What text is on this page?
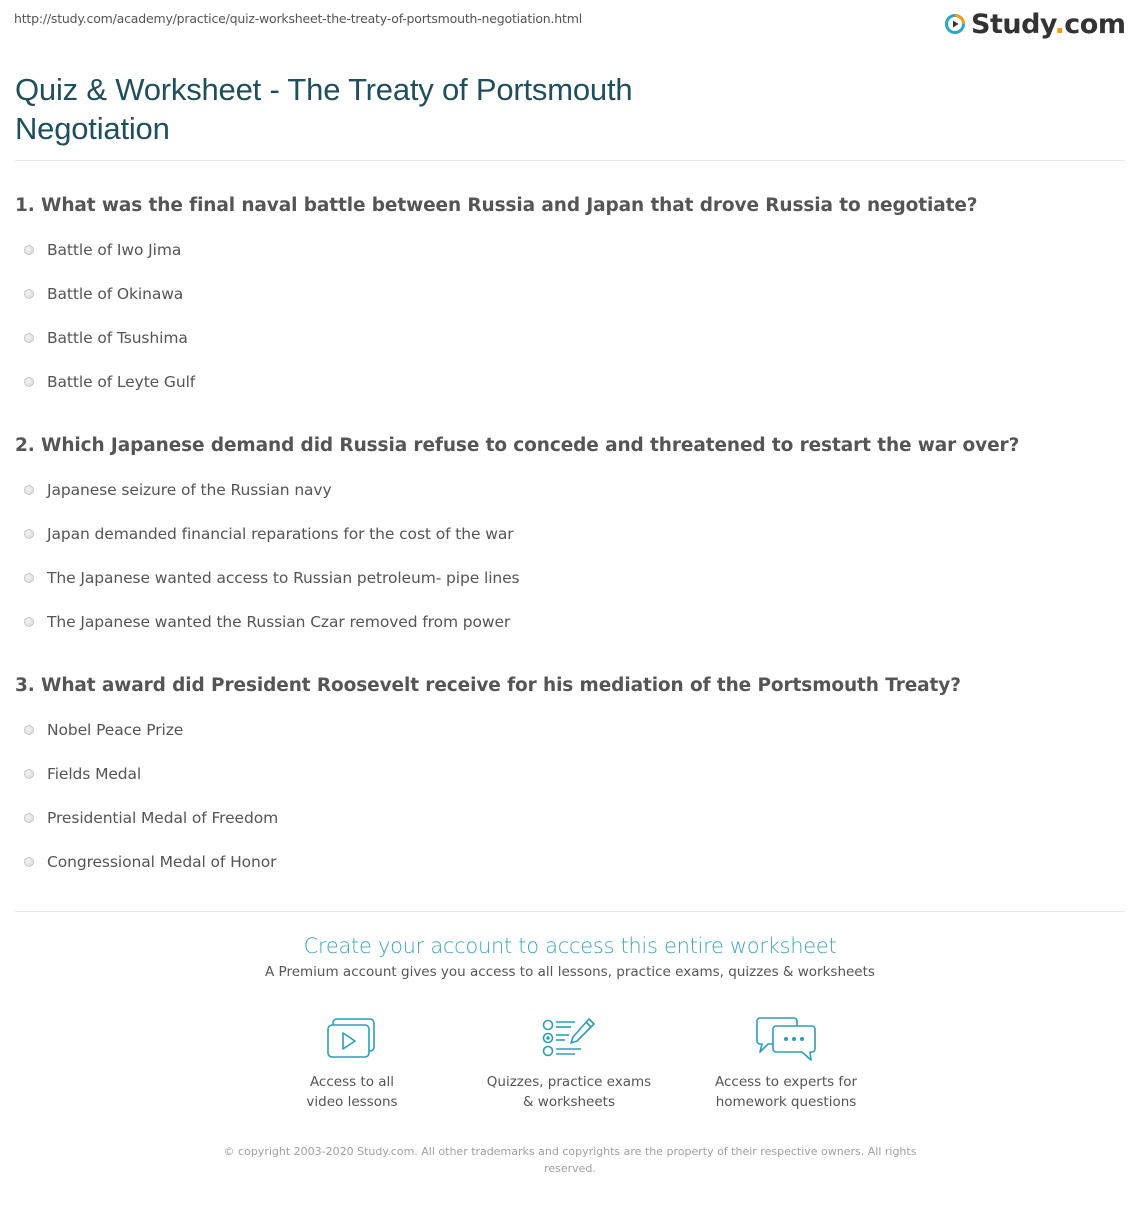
http://study.com/academy/practice/quiz-worksheet-the-treaty-of-portsmouth-negotiation.html	Study.com
Quiz & Worksheet - The Treaty of Portsmouth Negotiation

1. What was the final naval battle between Russia and Japan that drove Russia to negotiate?

Battle of Iwo Jima
Battle of Okinawa
Battle of Tsushima
Battle of Leyte Gulf

2. Which Japanese demand did Russia refuse to concede and threatened to restart the war over?

Japanese seizure of the Russian navy
Japan demanded financial reparations for the cost of the war
The Japanese wanted access to Russian petroleum- pipe lines
The Japanese wanted the Russian Czar removed from power

3. What award did President Roosevelt receive for his mediation of the Portsmouth Treaty?

Nobel Peace Prize
Fields Medal
Presidential Medal of Freedom
Congressional Medal of Honor
Create your account to access this entire worksheet
A Premium account gives you access to all lessons, practice exams, quizzes & worksheets
Access to all
video lessons
Quizzes, practice exams
& worksheets
Access to experts for
homework questions
© copyright 2003-2020 Study.com. All other trademarks and copyrights are the property of their respective owners. All rights reserved.
